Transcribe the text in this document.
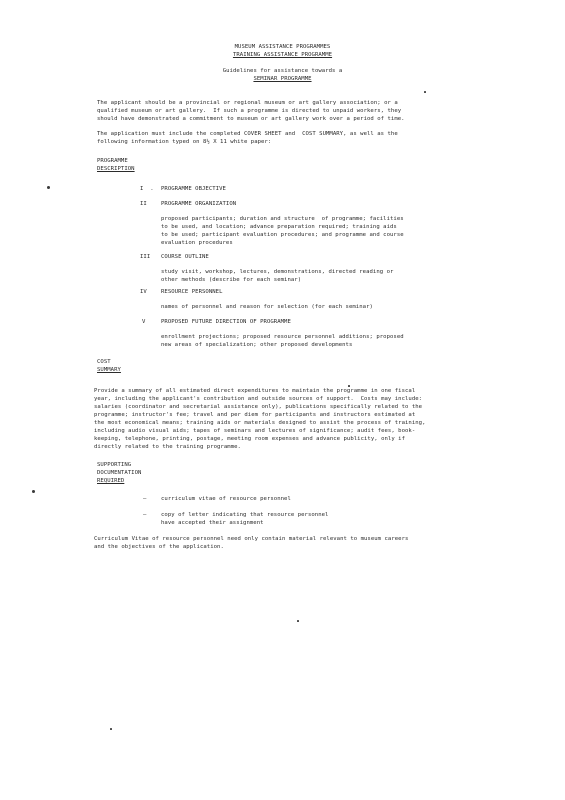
MUSEUM ASSISTANCE PROGRAMMES
TRAINING ASSISTANCE PROGRAMME
Guidelines for assistance towards a
SEMINAR PROGRAMME
The applicant should be a provincial or regional museum or art gallery association; or a
qualified museum or art gallery.  If such a programme is directed to unpaid workers, they
should have demonstrated a commitment to museum or art gallery work over a period of time.
The application must include the completed COVER SHEET and  COST SUMMARY, as well as the
following information typed on 8½ X 11 white paper:
PROGRAMME
DESCRIPTION
I  . PROGRAMME OBJECTIVE
II	PROGRAMME ORGANIZATION
proposed participants; duration and structure  of programme; facilities
to be used, and location; advance preparation required; training aids
to be used; participant evaluation procedures; and programme and course
evaluation procedures
III COURSE OUTLINE
study visit, workshop, lectures, demonstrations, directed reading or
other methods (describe for each seminar)
IV	RESOURCE PERSONNEL
names of personnel and reason for selection (for each seminar)
V	PROPOSED FUTURE DIRECTION OF PROGRAMME
enrollment projections; proposed resource personnel additions; proposed
new areas of specialization; other proposed developments
COST
SUMMARY
Provide a summary of all estimated direct expenditures to maintain the programme in one fiscal
year, including the applicant's contribution and outside sources of support.  Costs may include:
salaries (coordinator and secretarial assistance only), publications specifically related to the
programme; instructor's fee; travel and per diem for participants and instructors estimated at
the most economical means; training aids or materials designed to assist the process of training,
including audio visual aids; tapes of seminars and lectures of significance; audit fees, book-
keeping, telephone, printing, postage, meeting room expenses and advance publicity, only if
directly related to the training programme.
SUPPORTING
DOCUMENTATION
REQUIRED
–	curriculum vitae of resource personnel
–	copy of letter indicating that resource personnel
have accepted their assignment
Curriculum Vitae of resource personnel need only contain material relevant to museum careers
and the objectives of the application.
